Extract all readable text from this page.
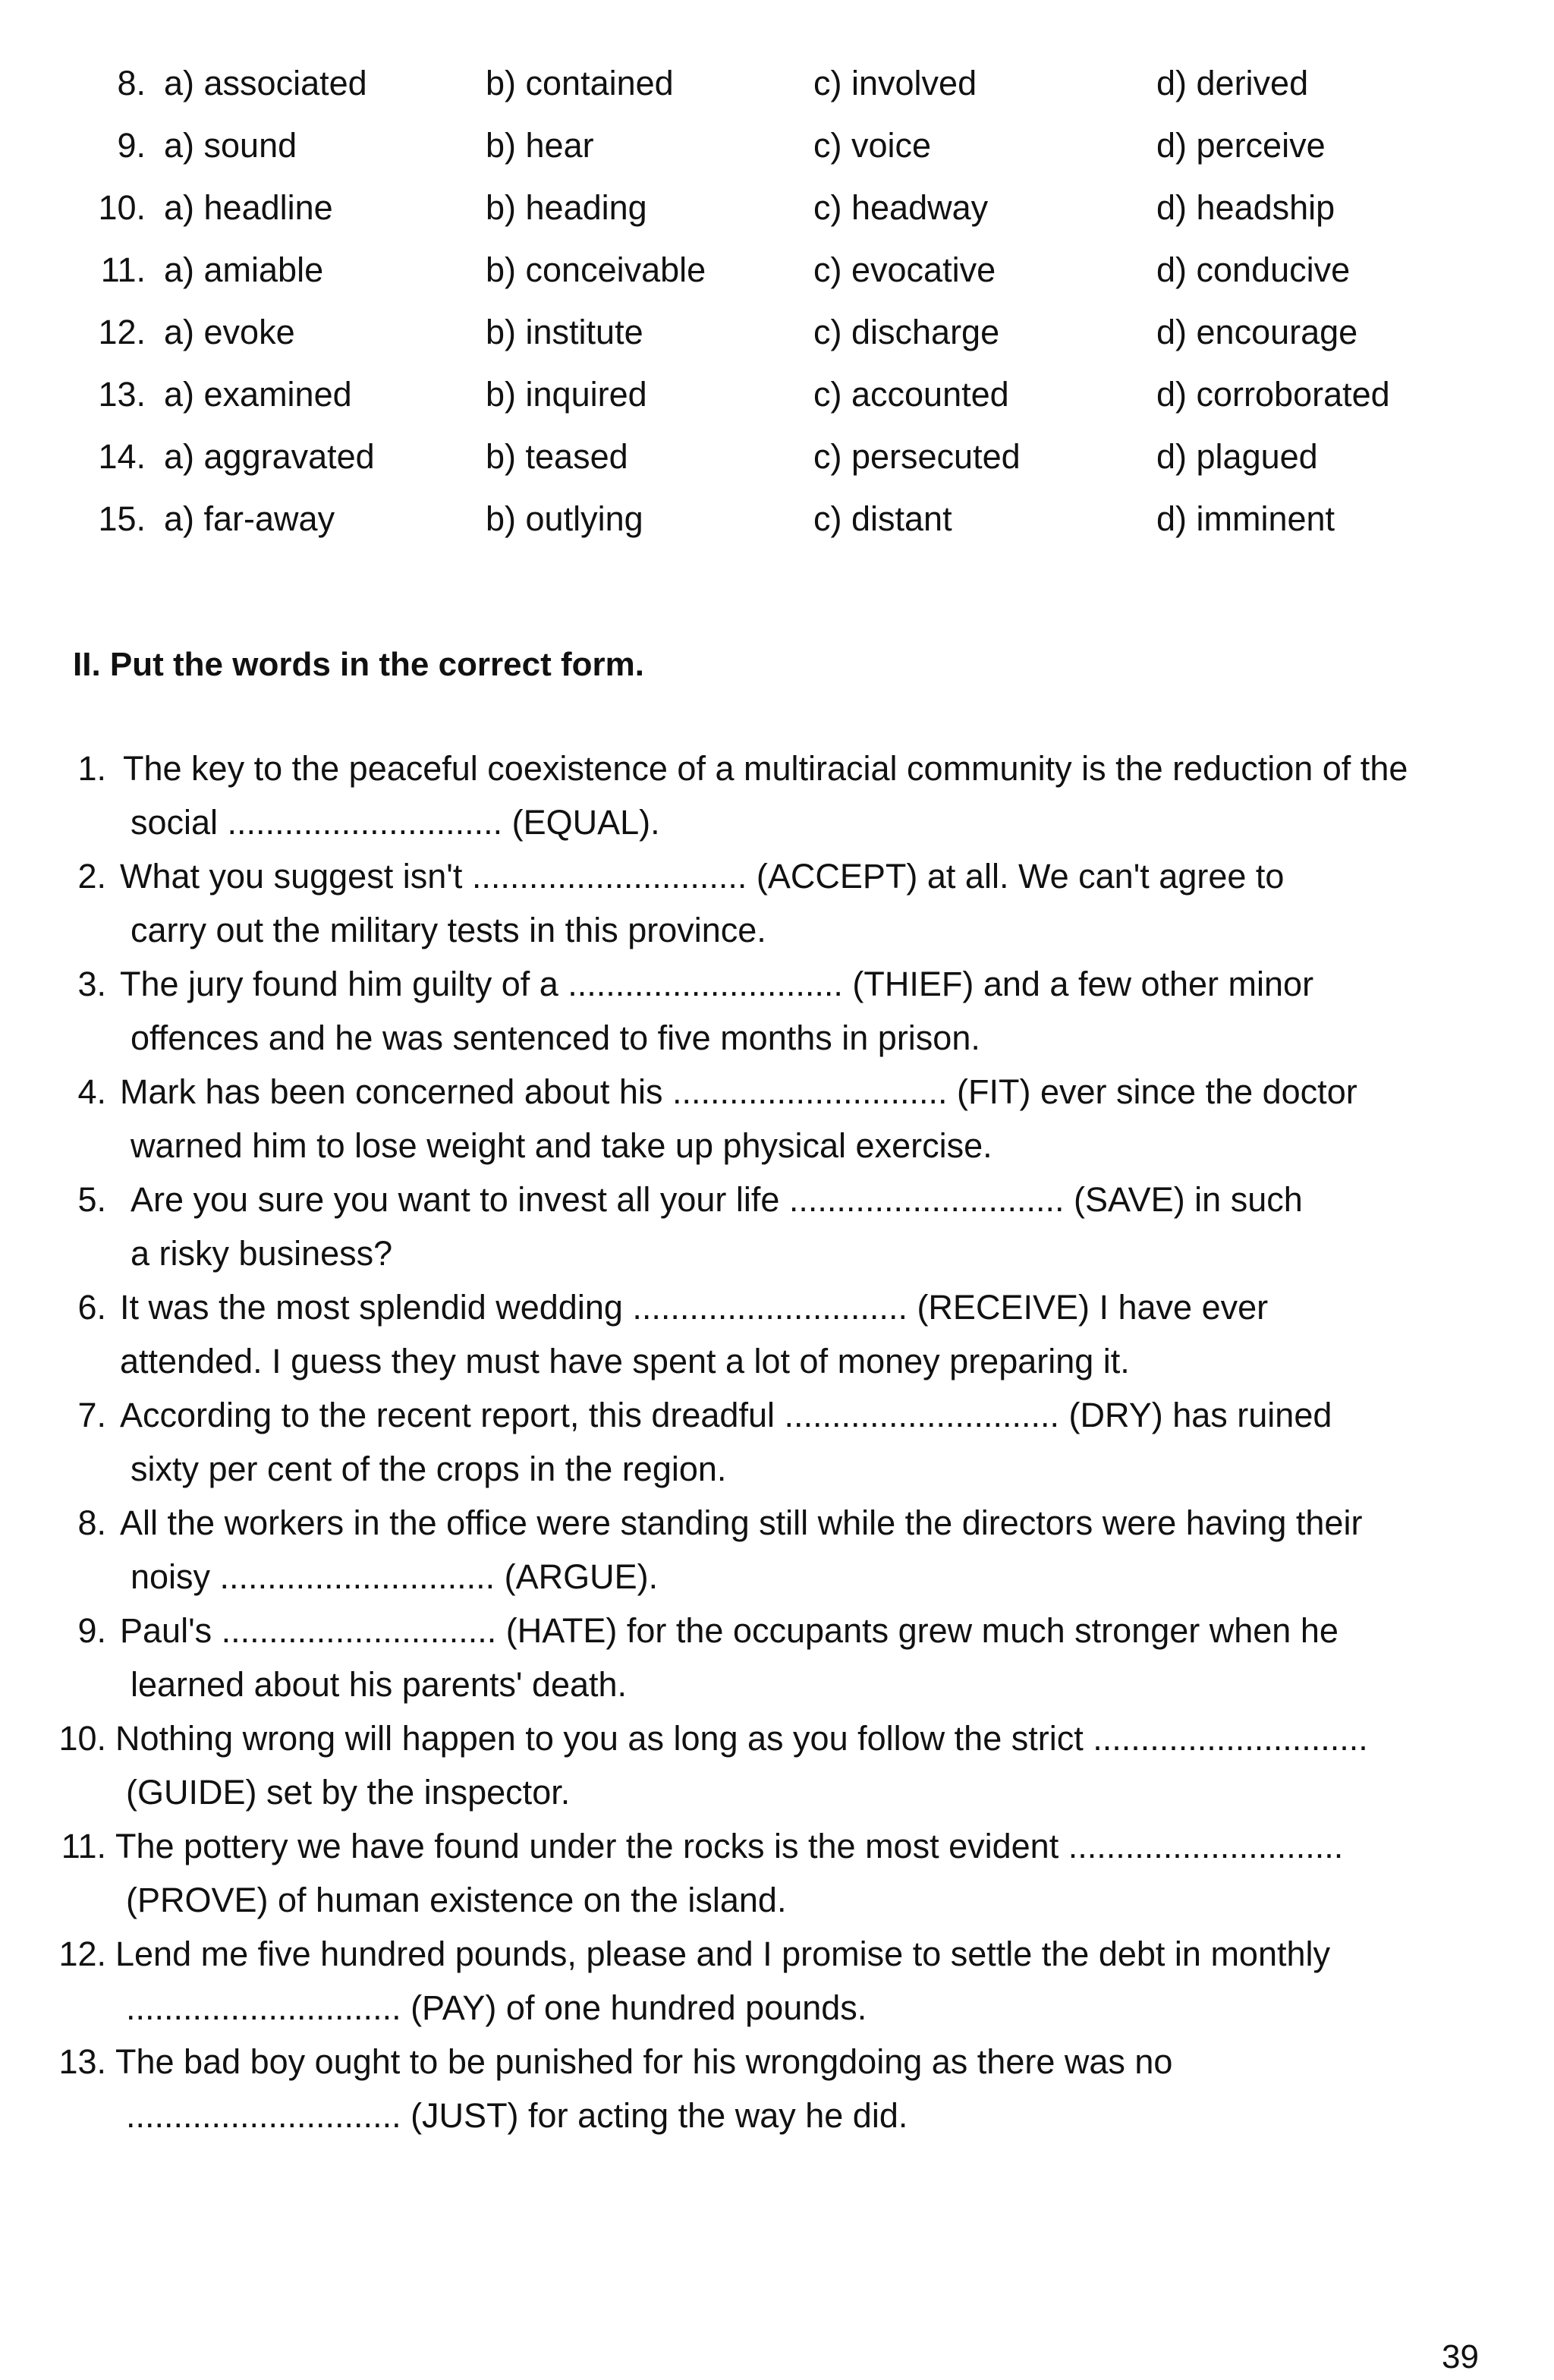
8. a) associated	b) contained	c) involved	d) derived
9. a) sound	b) hear	c) voice	d) perceive
10. a) headline	b) heading	c) headway	d) headship
11. a) amiable	b) conceivable	c) evocative	d) conducive
12. a) evoke	b) institute	c) discharge	d) encourage
13. a) examined	b) inquired	c) accounted	d) corroborated
14. a) aggravated	b) teased	c) persecuted	d) plagued
15. a) far-away	b) outlying	c) distant	d) imminent
II. Put the words in the correct form.
1. The key to the peaceful coexistence of a multiracial community is the reduction of the
social ............................. (EQUAL).
2. What you suggest isn't ............................. (ACCEPT) at all. We can't agree to
carry out the military tests in this province.
3. The jury found him guilty of a ............................. (THIEF) and a few other minor
offences and he was sentenced to five months in prison.
4. Mark has been concerned about his ............................. (FIT) ever since the doctor
warned him to lose weight and take up physical exercise.
5. Are you sure you want to invest all your life ............................. (SAVE) in such
a risky business?
6. It was the most splendid wedding ............................. (RECEIVE) I have ever
attended. I guess they must have spent a lot of money preparing it.
7. According to the recent report, this dreadful ............................. (DRY) has ruined
sixty per cent of the crops in the region.
8. All the workers in the office were standing still while the directors were having their
noisy ............................. (ARGUE).
9. Paul's ............................. (HATE) for the occupants grew much stronger when he
learned about his parents' death.
10. Nothing wrong will happen to you as long as you follow the strict .............................
(GUIDE) set by the inspector.
11. The pottery we have found under the rocks is the most evident .............................
(PROVE) of human existence on the island.
12. Lend me five hundred pounds, please and I promise to settle the debt in monthly
............................. (PAY) of one hundred pounds.
13. The bad boy ought to be punished for his wrongdoing as there was no
............................. (JUST) for acting the way he did.
39
